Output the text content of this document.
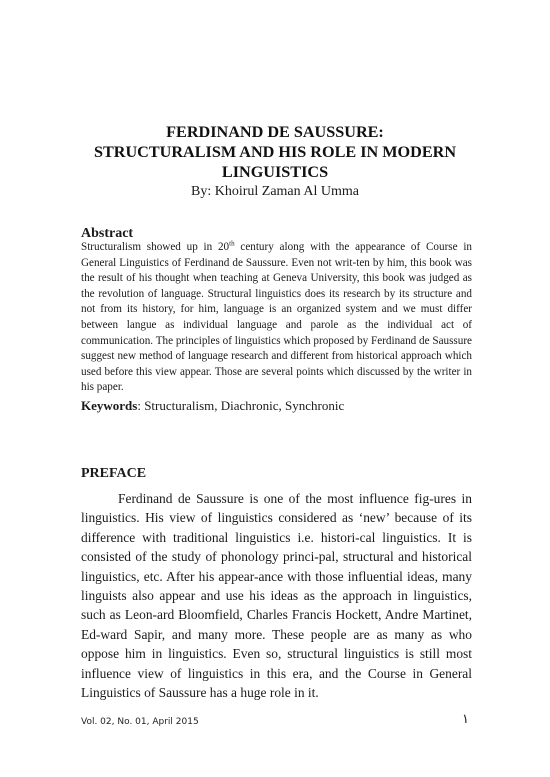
FERDINAND DE SAUSSURE:
STRUCTURALISM AND HIS ROLE IN MODERN
LINGUISTICS
By: Khoirul Zaman Al Umma
Abstract
Structuralism showed up in 20th century along with the appearance of Course in General Linguistics of Ferdinand de Saussure. Even not writ-ten by him, this book was the result of his thought when teaching at Geneva University, this book was judged as the revolution of language. Structural linguistics does its research by its structure and not from its history, for him, language is an organized system and we must differ between langue as individual language and parole as the individual act of communication. The principles of linguistics which proposed by Ferdinand de Saussure suggest new method of language research and different from historical approach which used before this view appear. Those are several points which discussed by the writer in his paper.
Keywords: Structuralism, Diachronic, Synchronic
PREFACE
Ferdinand de Saussure is one of the most influence fig-ures in linguistics. His view of linguistics considered as ‘new’ because of its difference with traditional linguistics i.e. histori-cal linguistics. It is consisted of the study of phonology princi-pal, structural and historical linguistics, etc. After his appear-ance with those influential ideas, many linguists also appear and use his ideas as the approach in linguistics, such as Leon-ard Bloomfield, Charles Francis Hockett, Andre Martinet, Ed-ward Sapir, and many more. These people are as many as who oppose him in linguistics. Even so, structural linguistics is still most influence view of linguistics in this era, and the Course in General Linguistics of Saussure has a huge role in it.
Vol. 02, No. 01, April 2015	١
